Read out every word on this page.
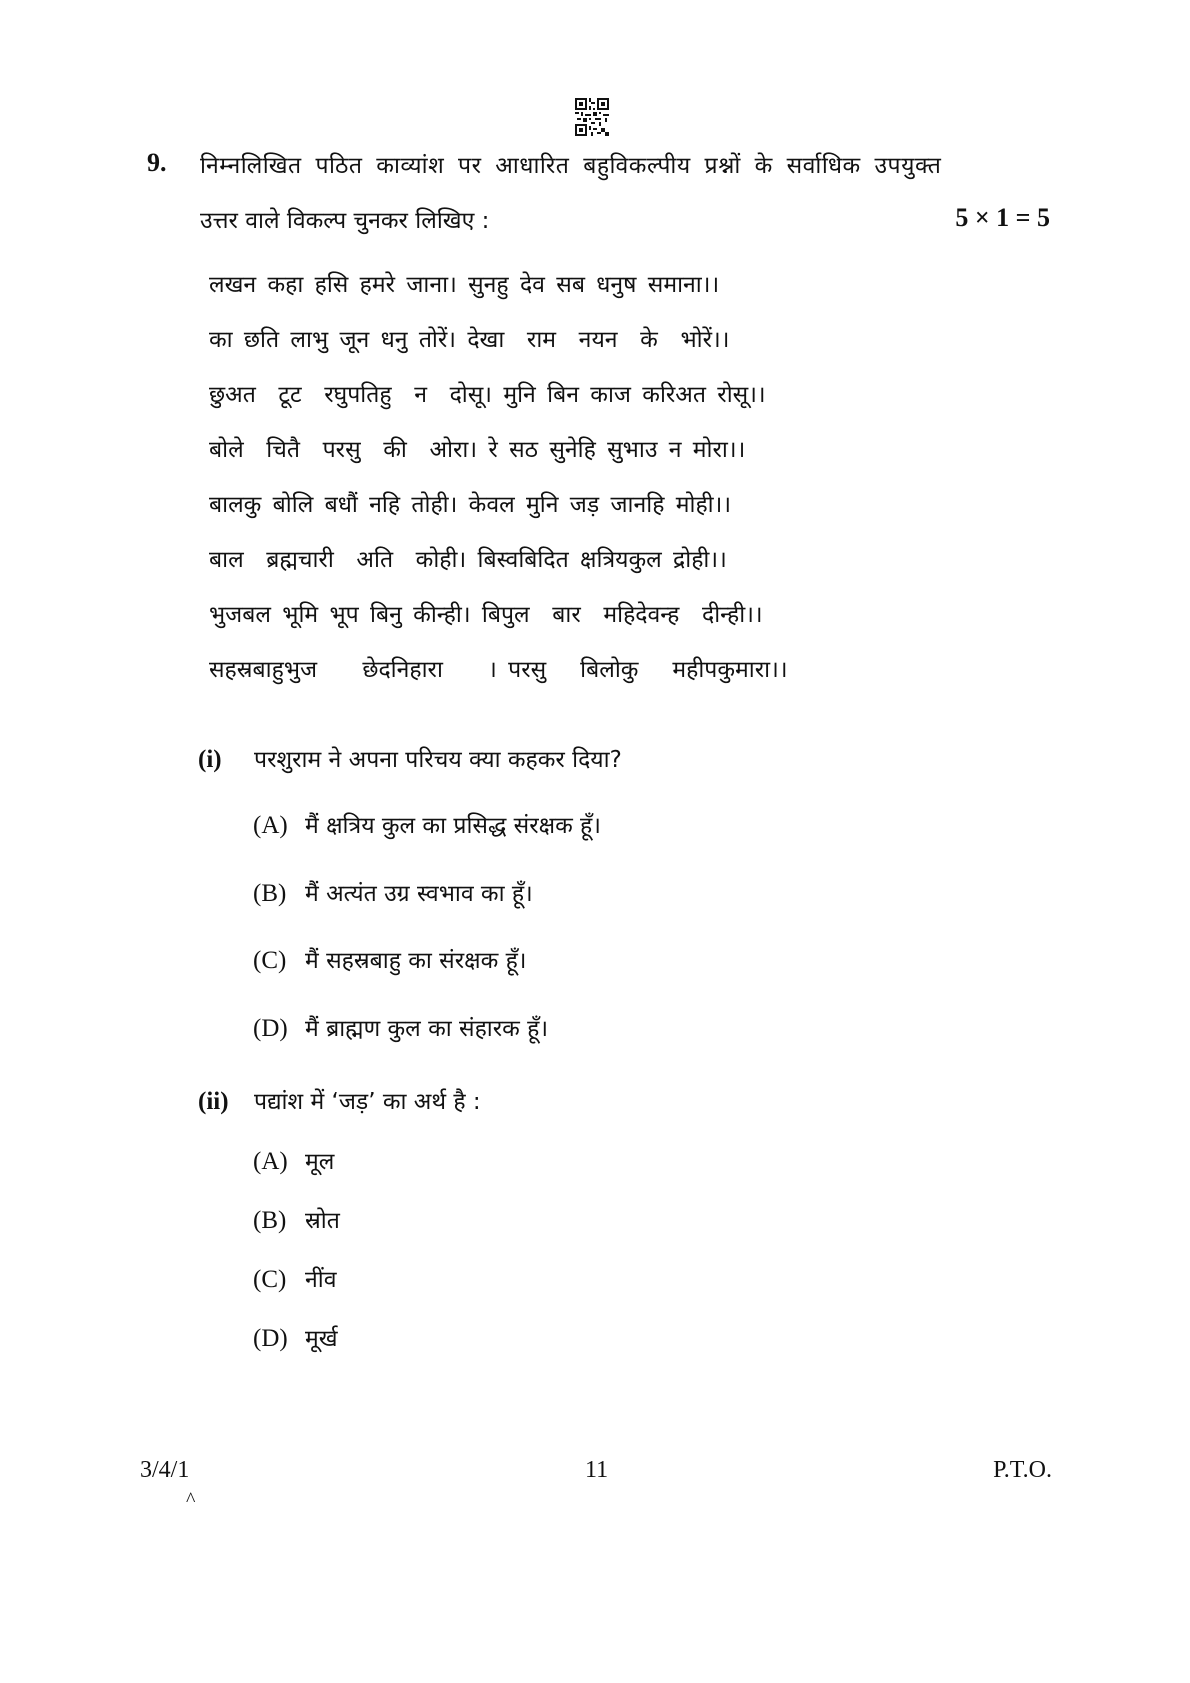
9. निम्नलिखित पठित काव्यांश पर आधारित बहुविकल्पीय प्रश्नों के सर्वाधिक उपयुक्त
उत्तर वाले विकल्प चुनकर लिखिए :	5 × 1 = 5
लखन कहा हसि हमरे जाना। सुनहु देव सब धनुष समाना।।
का छति लाभु जून धनु तोरें। देखा  राम  नयन  के  भोरें।।
छुअत  टूट  रघुपतिहु  न  दोसू। मुनि बिन काज करिअत रोसू।।
बोले  चितै  परसु  की  ओरा। रे सठ सुनेहि सुभाउ न मोरा।।
बालकु बोलि बधौं नहि तोही। केवल मुनि जड़ जानहि मोही।।
बाल  ब्रह्मचारी  अति  कोही। बिस्वबिदित क्षत्रियकुल द्रोही।।
भुजबल भूमि भूप बिनु कीन्ही। बिपुल  बार  महिदेवन्ह  दीन्ही।।
सहस्रबाहुभुज    छेदनिहारा    । परसु   बिलोकु   महीपकुमारा।।
(i)	परशुराम ने अपना परिचय क्या कहकर दिया?
(A) मैं क्षत्रिय कुल का प्रसिद्ध संरक्षक हूँ।
(B) मैं अत्यंत उग्र स्वभाव का हूँ।
(C) मैं सहस्रबाहु का संरक्षक हूँ।
(D) मैं ब्राह्मण कुल का संहारक हूँ।
(ii)	पद्यांश में ‘जड़’ का अर्थ है :
(A) मूल
(B) स्रोत
(C) नींव
(D) मूर्ख
3/4/1
^
11	P.T.O.
